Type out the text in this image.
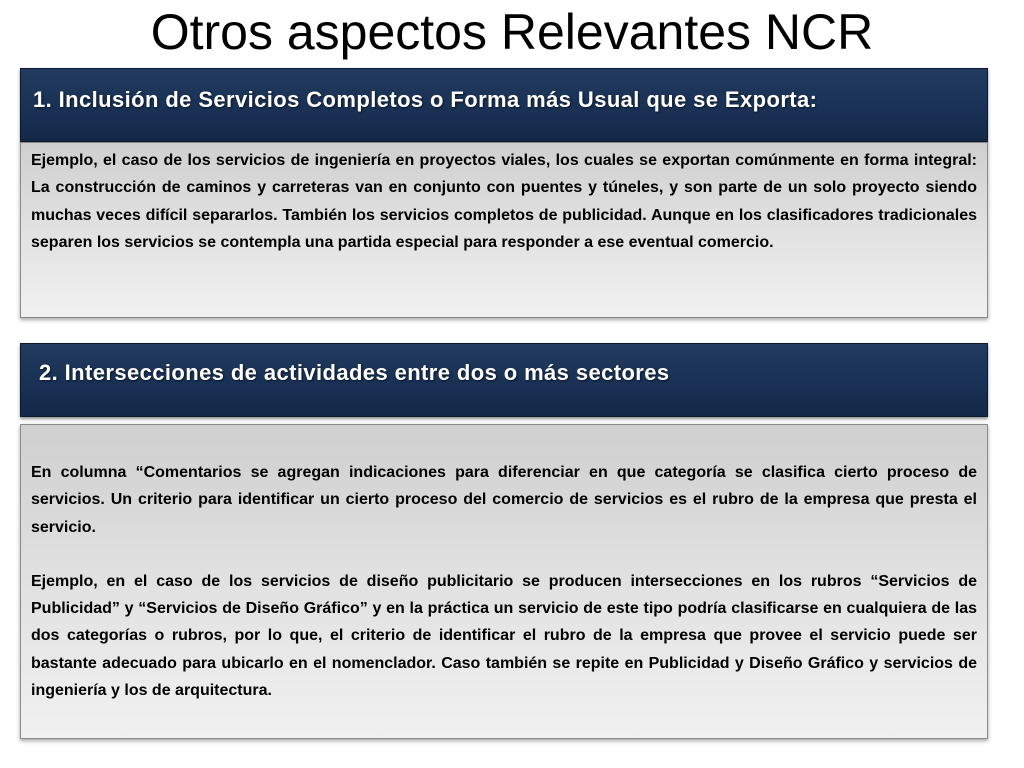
Otros aspectos Relevantes NCR
1. Inclusión de Servicios Completos o Forma más Usual que se Exporta:

Ejemplo, el caso de los servicios de ingeniería en proyectos viales, los cuales se exportan comúnmente en forma integral: La construcción de caminos y carreteras van en conjunto con puentes y túneles, y son parte de un solo proyecto siendo muchas veces difícil separarlos. También los servicios completos de publicidad. Aunque en los clasificadores tradicionales separen los servicios se contempla una partida especial para responder a ese eventual comercio.

2. Intersecciones de actividades entre dos o más sectores

En columna “Comentarios se agregan indicaciones para diferenciar en que categoría se clasifica cierto proceso de servicios. Un criterio para identificar un cierto proceso del comercio de servicios es el rubro de la empresa que presta el servicio.

Ejemplo, en el caso de los servicios de diseño publicitario se producen intersecciones en los rubros “Servicios de Publicidad” y “Servicios de Diseño Gráfico” y en la práctica un servicio de este tipo podría clasificarse en cualquiera de las dos categorías o rubros, por lo que, el criterio de identificar el rubro de la empresa que provee el servicio puede ser bastante adecuado para ubicarlo en el nomenclador. Caso también se repite en Publicidad y Diseño Gráfico y servicios de ingeniería y los de arquitectura.
